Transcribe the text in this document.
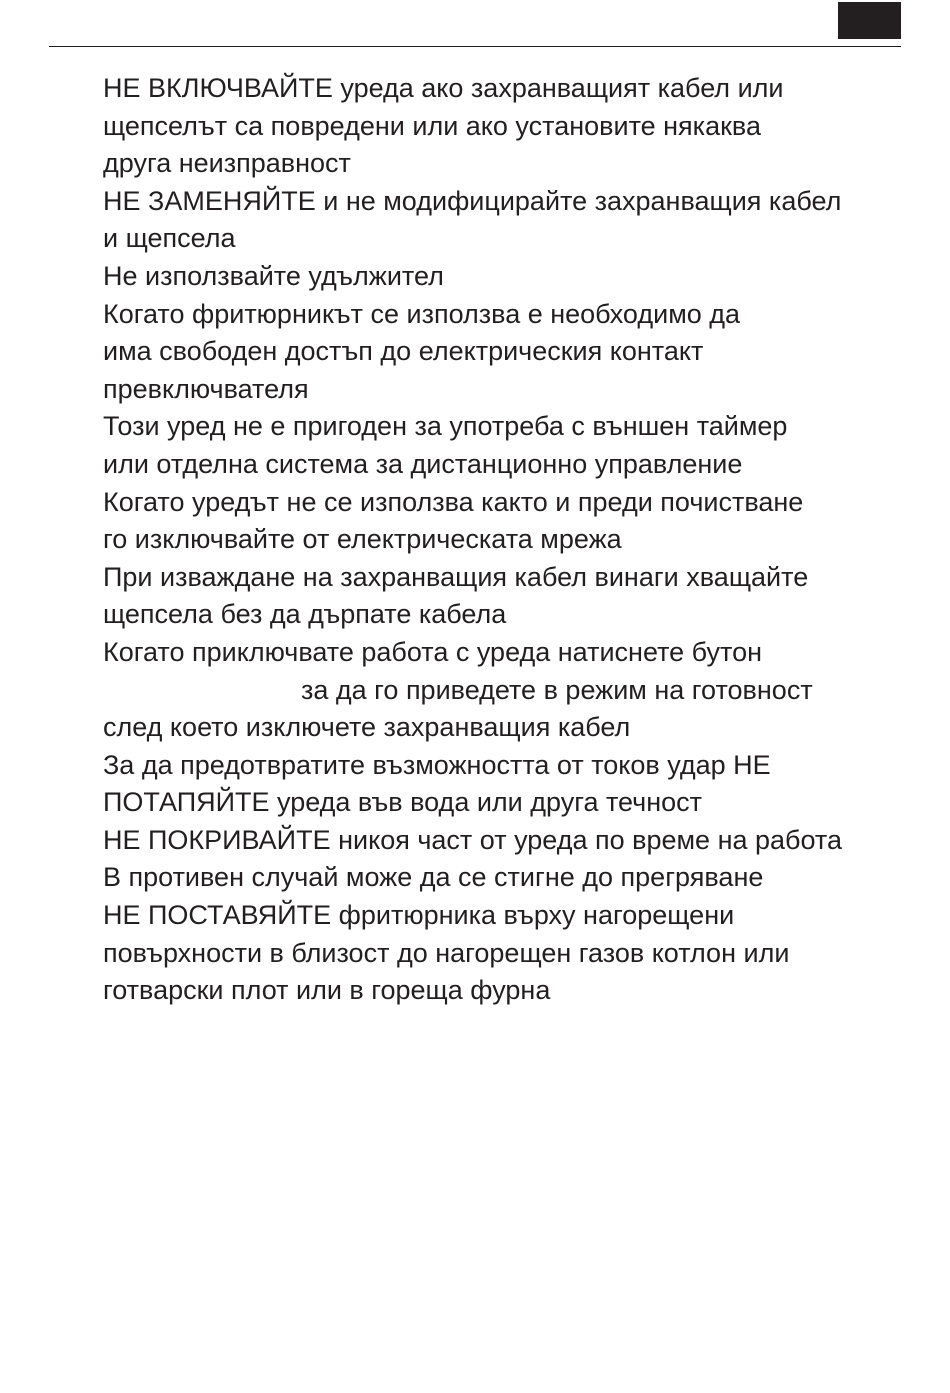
НЕ ВКЛЮЧВАЙТЕ уреда ако захранващият кабел или
щепселът са повредени или ако установите някаква
друга неизправност
НЕ ЗАМЕНЯЙТЕ и не модифицирайте захранващия кабел
и щепсела
Не използвайте удължител
Когато фритюрникът се използва е необходимо да
има свободен достъп до електрическия контакт
превключвателя
Този уред не е пригоден за употреба с външен таймер
или отделна система за дистанционно управление
Когато уредът не се използва както и преди почистване
го изключвайте от електрическата мрежа
При изваждане на захранващия кабел винаги хващайте
щепсела без да дърпате кабела
Когато приключвате работа с уреда натиснете бутон
за да го приведете в режим на готовност
след което изключете захранващия кабел
За да предотвратите възможността от токов удар НЕ
ПОТАПЯЙТЕ уреда във вода или друга течност
НЕ ПОКРИВАЙТЕ никоя част от уреда по време на работа
В противен случай може да се стигне до прегряване
НЕ ПОСТАВЯЙТЕ фритюрника върху нагорещени
повърхности в близост до нагорещен газов котлон или
готварски плот или в гореща фурна
